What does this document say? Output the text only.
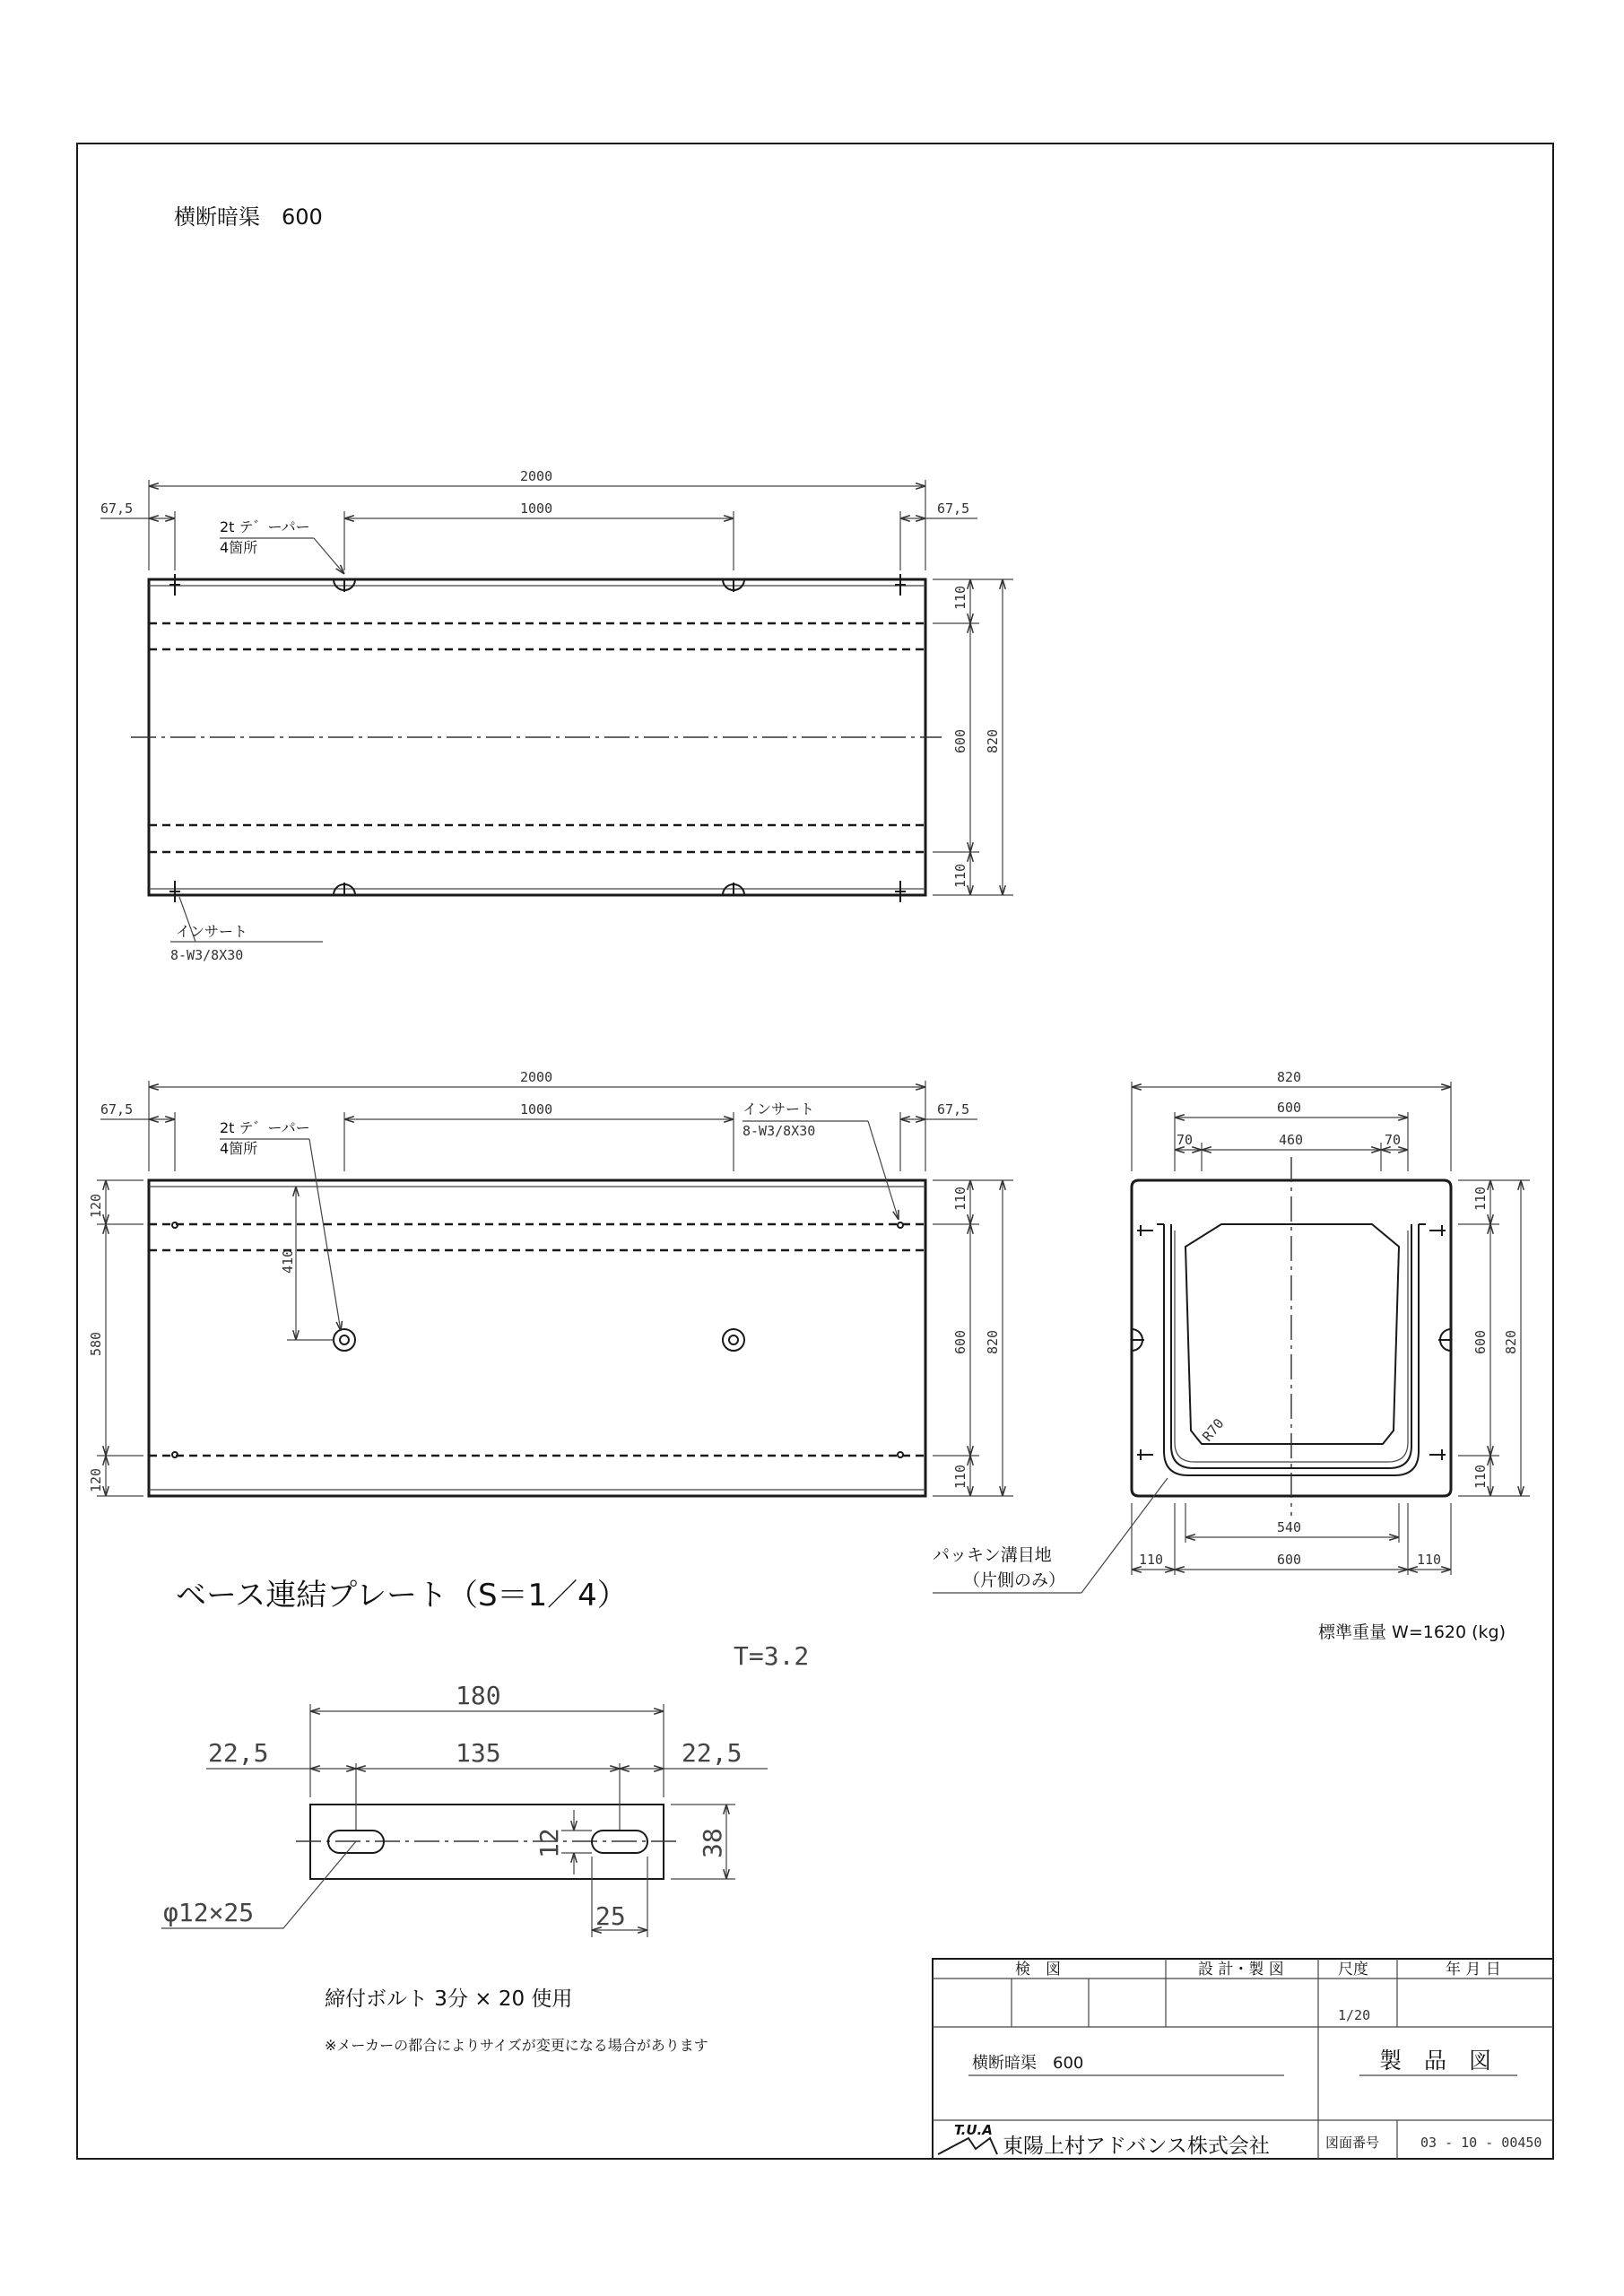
横断暗渠　600
2000
1000
67,5	67,5
2t テ゛ーパー
4箇所
110
600
110
820
インサート
8-W3/8X30
2000
1000
67,5	67,5
2t テ゛ーパー
4箇所
インサート
8-W3/8X30
120
580
120
410
110
600
110
820
R70
820
600
70	460	70
110
600
110
820
540
110	600	110
パッキン溝目地
（片側のみ）
標準重量 W=1620 (kg)
ベース連結プレート（S＝1／4）
T=3.2
180
135
22,5	22,5
12	38
25
φ12×25
締付ボルト 3分 × 20 使用
※メーカーの都合によりサイズが変更になる場合があります
検　図	設 計・製 図	尺度	年 月 日
1/20
横断暗渠　600	製　品　図
T.U.A
東陽上村アドバンス株式会社	図面番号	03 - 10 - 00450
